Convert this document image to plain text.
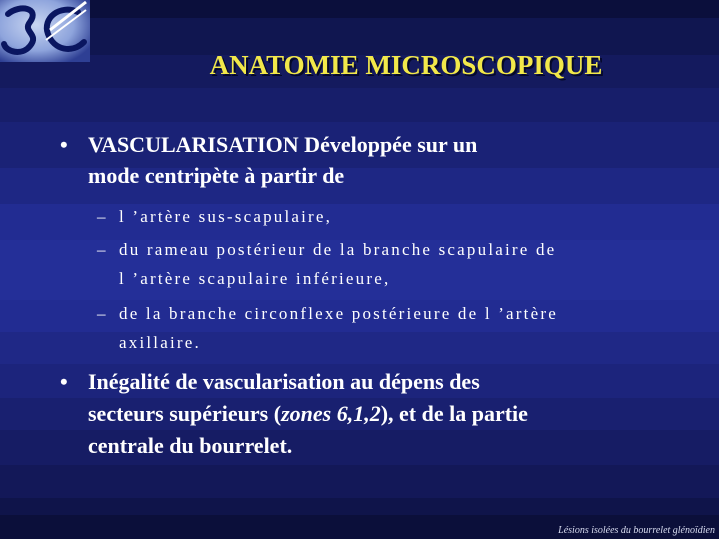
ANATOMIE MICROSCOPIQUE
• VASCULARISATION Développée sur un
mode centripète à partir de
– l ’artère sus-scapulaire,
– du rameau postérieur de la branche scapulaire de
l ’artère scapulaire inférieure,
– de la branche circonflexe postérieure de l ’artère
axillaire.
• Inégalité de vascularisation au dépens des
secteurs supérieurs (zones 6,1,2), et de la partie
centrale du bourrelet.
Lésions isolées du bourrelet glénoïdien
